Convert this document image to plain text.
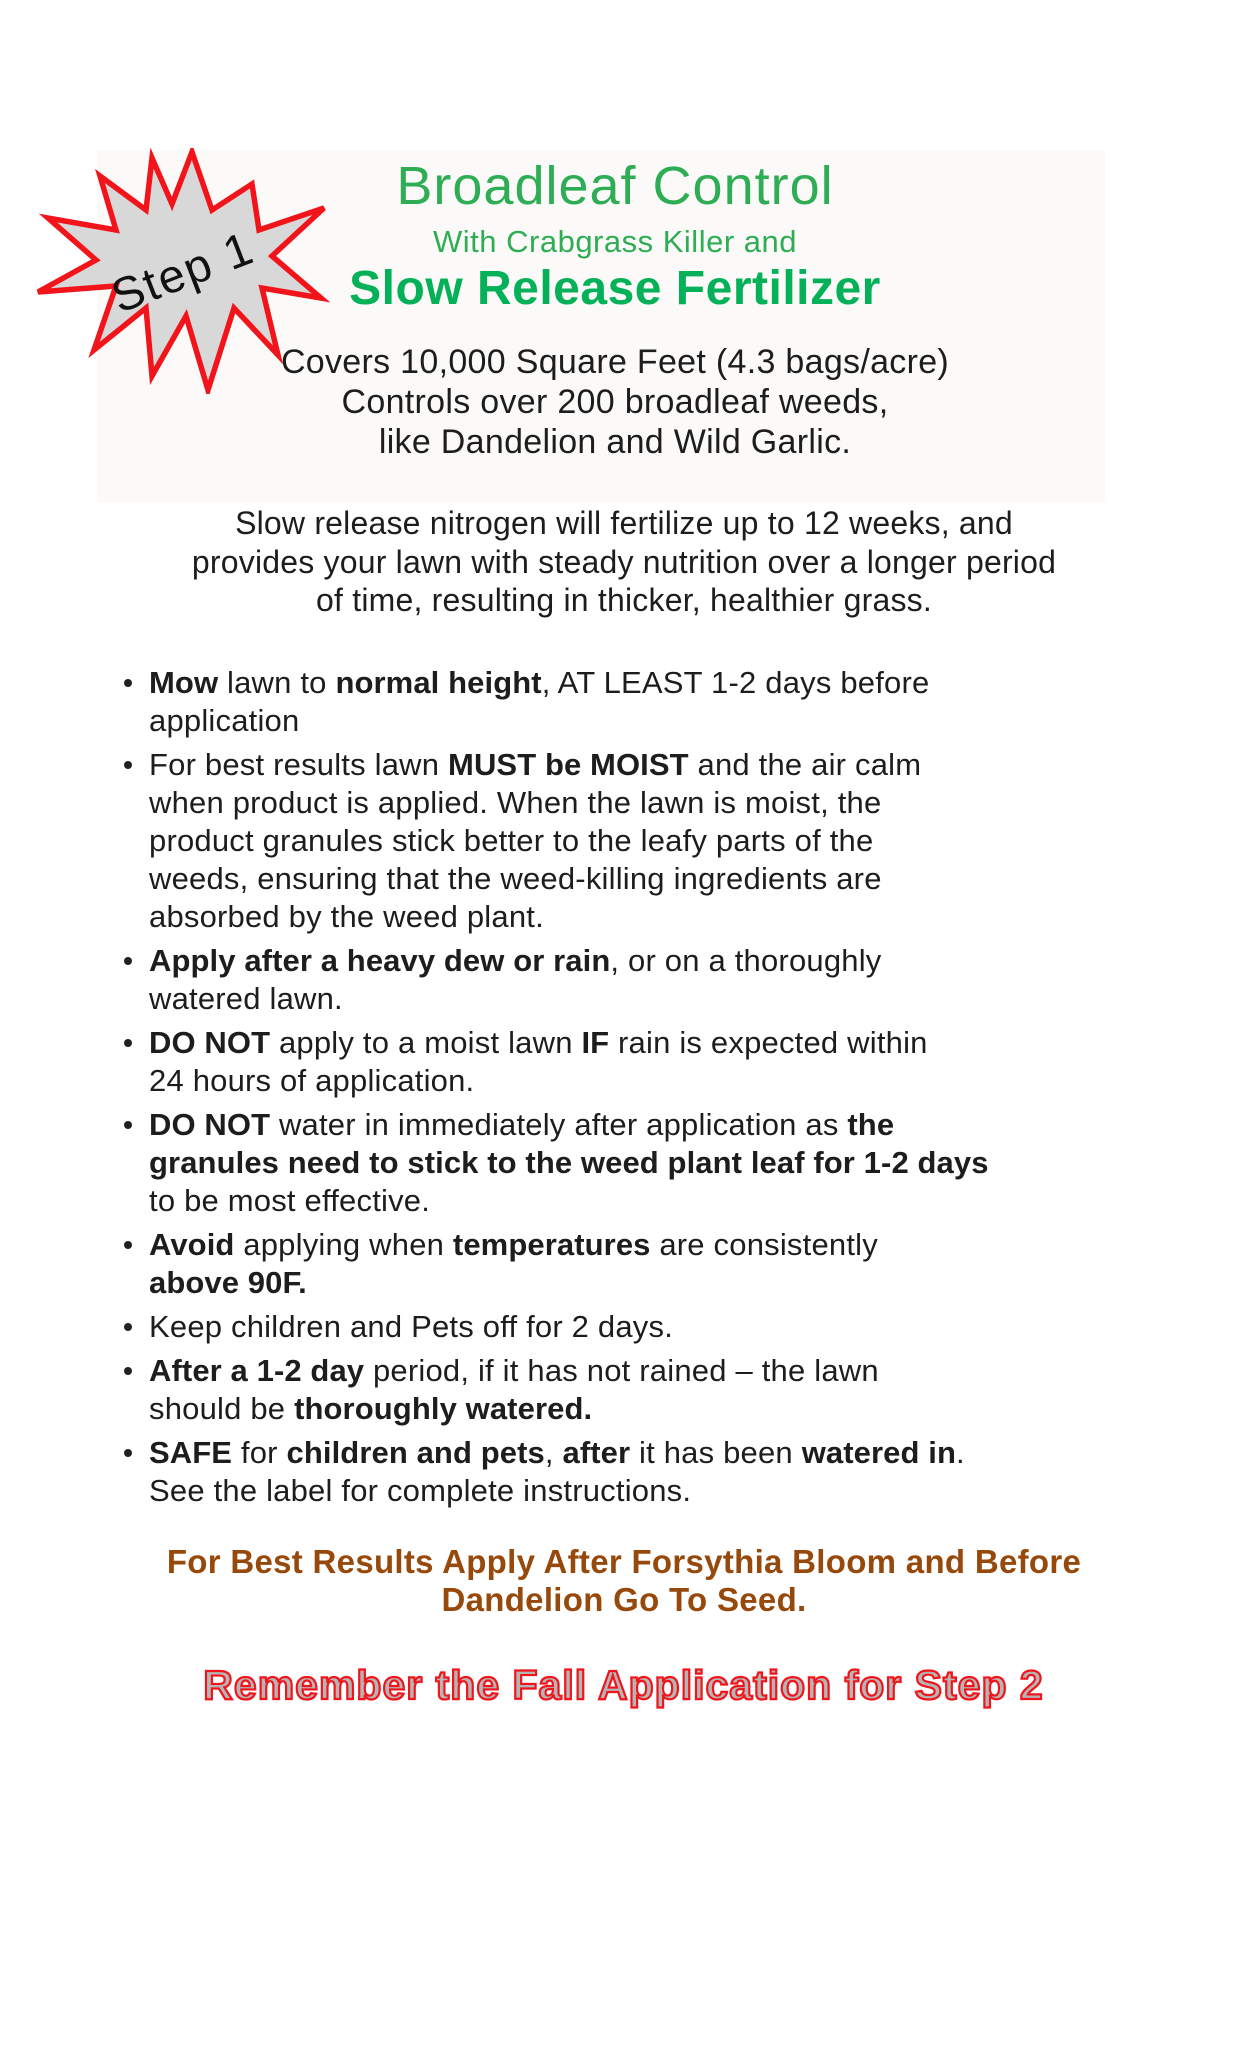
Step 1
Broadleaf Control
With Crabgrass Killer and
Slow Release Fertilizer
Covers 10,000 Square Feet (4.3 bags/acre)
Controls over 200 broadleaf weeds,
like Dandelion and Wild Garlic.
Slow release nitrogen will fertilize up to 12 weeks, and
provides your lawn with steady nutrition over a longer period
of time, resulting in thicker, healthier grass.
Mow lawn to normal height, AT LEAST 1-2 days before
application
For best results lawn MUST be MOIST and the air calm
when product is applied. When the lawn is moist, the
product granules stick better to the leafy parts of the
weeds, ensuring that the weed-killing ingredients are
absorbed by the weed plant.
Apply after a heavy dew or rain, or on a thoroughly
watered lawn.
DO NOT apply to a moist lawn IF rain is expected within
24 hours of application.
DO NOT water in immediately after application as the
granules need to stick to the weed plant leaf for 1-2 days
to be most effective.
Avoid applying when temperatures are consistently
above 90F.
Keep children and Pets off for 2 days.
After a 1-2 day period, if it has not rained – the lawn
should be thoroughly watered.
SAFE for children and pets, after it has been watered in.
See the label for complete instructions.
For Best Results Apply After Forsythia Bloom and Before
Dandelion Go To Seed.
Remember the Fall Application for Step 2
